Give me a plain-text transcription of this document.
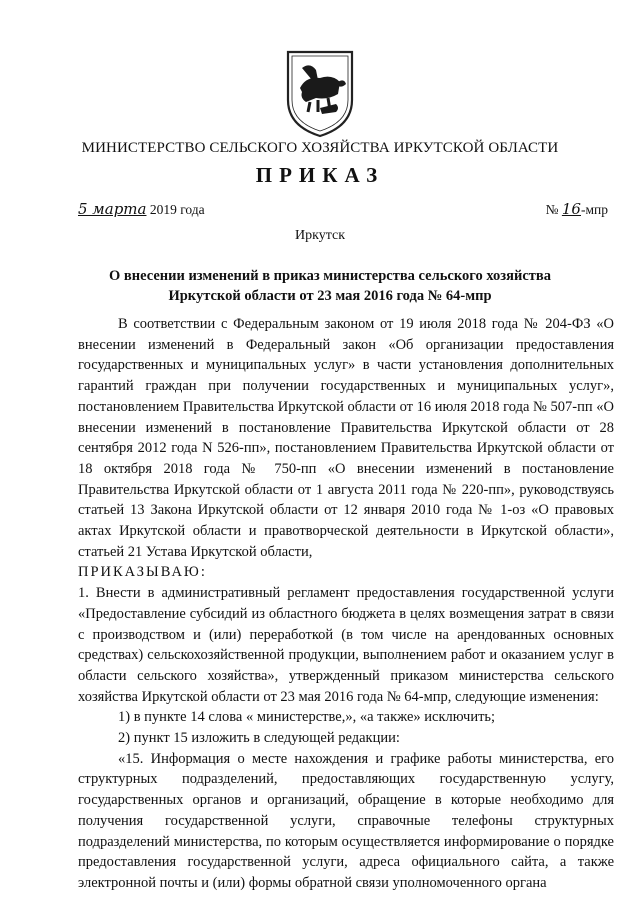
МИНИСТЕРСТВО СЕЛЬСКОГО ХОЗЯЙСТВА ИРКУТСКОЙ ОБЛАСТИ
ПРИКАЗ
5 марта 2019 года	№ 16-мпр
Иркутск
О внесении изменений в приказ министерства сельского хозяйства
Иркутской области от 23 мая 2016 года № 64-мпр

В соответствии с Федеральным законом от 19 июля 2018 года № 204-ФЗ «О внесении изменений в Федеральный закон «Об организации предоставления государственных и муниципальных услуг» в части установления дополнительных гарантий граждан при получении государственных и муниципальных услуг», постановлением Правительства Иркутской области от 16 июля 2018 года № 507-пп «О внесении изменений в постановление Правительства Иркутской области от 28 сентября 2012 года N 526-пп», постановлением Правительства Иркутской области от 18 октября 2018 года № 750-пп «О внесении изменений в постановление Правительства Иркутской области от 1 августа 2011 года № 220-пп», руководствуясь статьей 13 Закона Иркутской области от 12 января 2010 года № 1-оз «О правовых актах Иркутской области и правотворческой деятельности в Иркутской области», статьей 21 Устава Иркутской области,

ПРИКАЗЫВАЮ:

1. Внести в административный регламент предоставления государственной услуги «Предоставление субсидий из областного бюджета в целях возмещения затрат в связи с производством и (или) переработкой (в том числе на арендованных основных средствах) сельскохозяйственной продукции, выполнением работ и оказанием услуг в области сельского хозяйства», утвержденный приказом министерства сельского хозяйства Иркутской области от 23 мая 2016 года № 64-мпр, следующие изменения:

1) в пункте 14 слова « министерстве,», «а также» исключить;

2) пункт 15 изложить в следующей редакции:

«15. Информация о месте нахождения и графике работы министерства, его структурных подразделений, предоставляющих государственную услугу, государственных органов и организаций, обращение в которые необходимо для получения государственной услуги, справочные телефоны структурных подразделений министерства, по которым осуществляется информирование о порядке предоставления государственной услуги, адреса официального сайта, а также электронной почты и (или) формы обратной связи уполномоченного органа
